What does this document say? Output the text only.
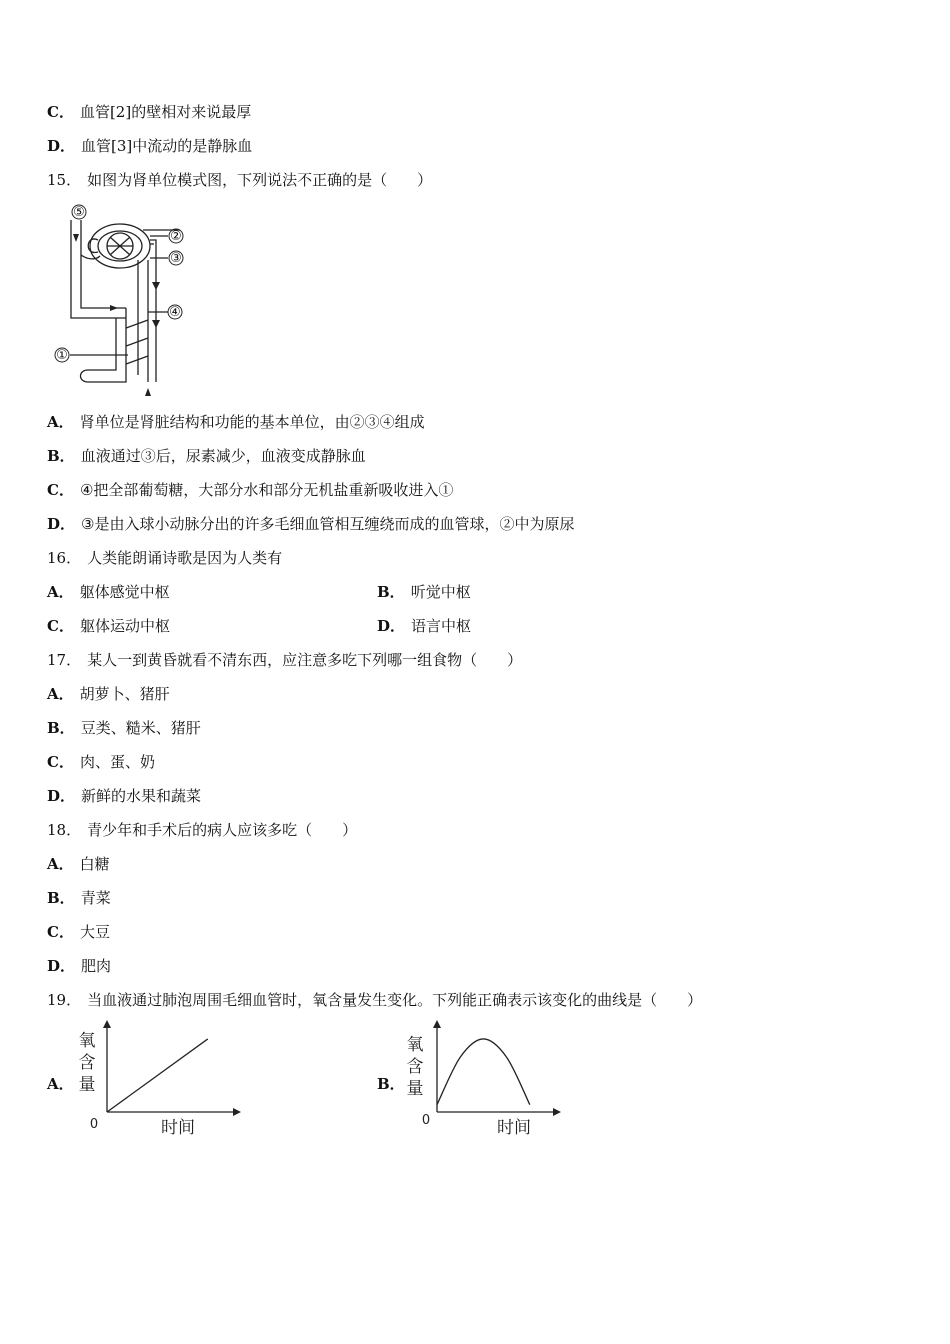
C． 血管[2]的壁相对来说最厚
D． 血管[3]中流动的是静脉血
15． 如图为肾单位模式图，下列说法不正确的是（　　）
⑤
②
③
④
①
A． 肾单位是肾脏结构和功能的基本单位，由②③④组成
B． 血液通过③后，尿素减少，血液变成静脉血
C． ④把全部葡萄糖，大部分水和部分无机盐重新吸收进入①
D． ③是由入球小动脉分出的许多毛细血管相互缠绕而成的血管球，②中为原尿
16． 人类能朗诵诗歌是因为人类有
A． 躯体感觉中枢	B． 听觉中枢
C． 躯体运动中枢	D． 语言中枢
17． 某人一到黄昏就看不清东西，应注意多吃下列哪一组食物（　　）
A． 胡萝卜、猪肝
B． 豆类、糙米、猪肝
C． 肉、蛋、奶
D． 新鲜的水果和蔬菜
18． 青少年和手术后的病人应该多吃（　　）
A． 白糖
B． 青菜
C． 大豆
D． 肥肉
19． 当血液通过肺泡周围毛细血管时，氧含量发生变化。下列能正确表示该变化的曲线是（　　）
A．	B．
氧
含
量
0	时间
氧
含
量
0	时间
